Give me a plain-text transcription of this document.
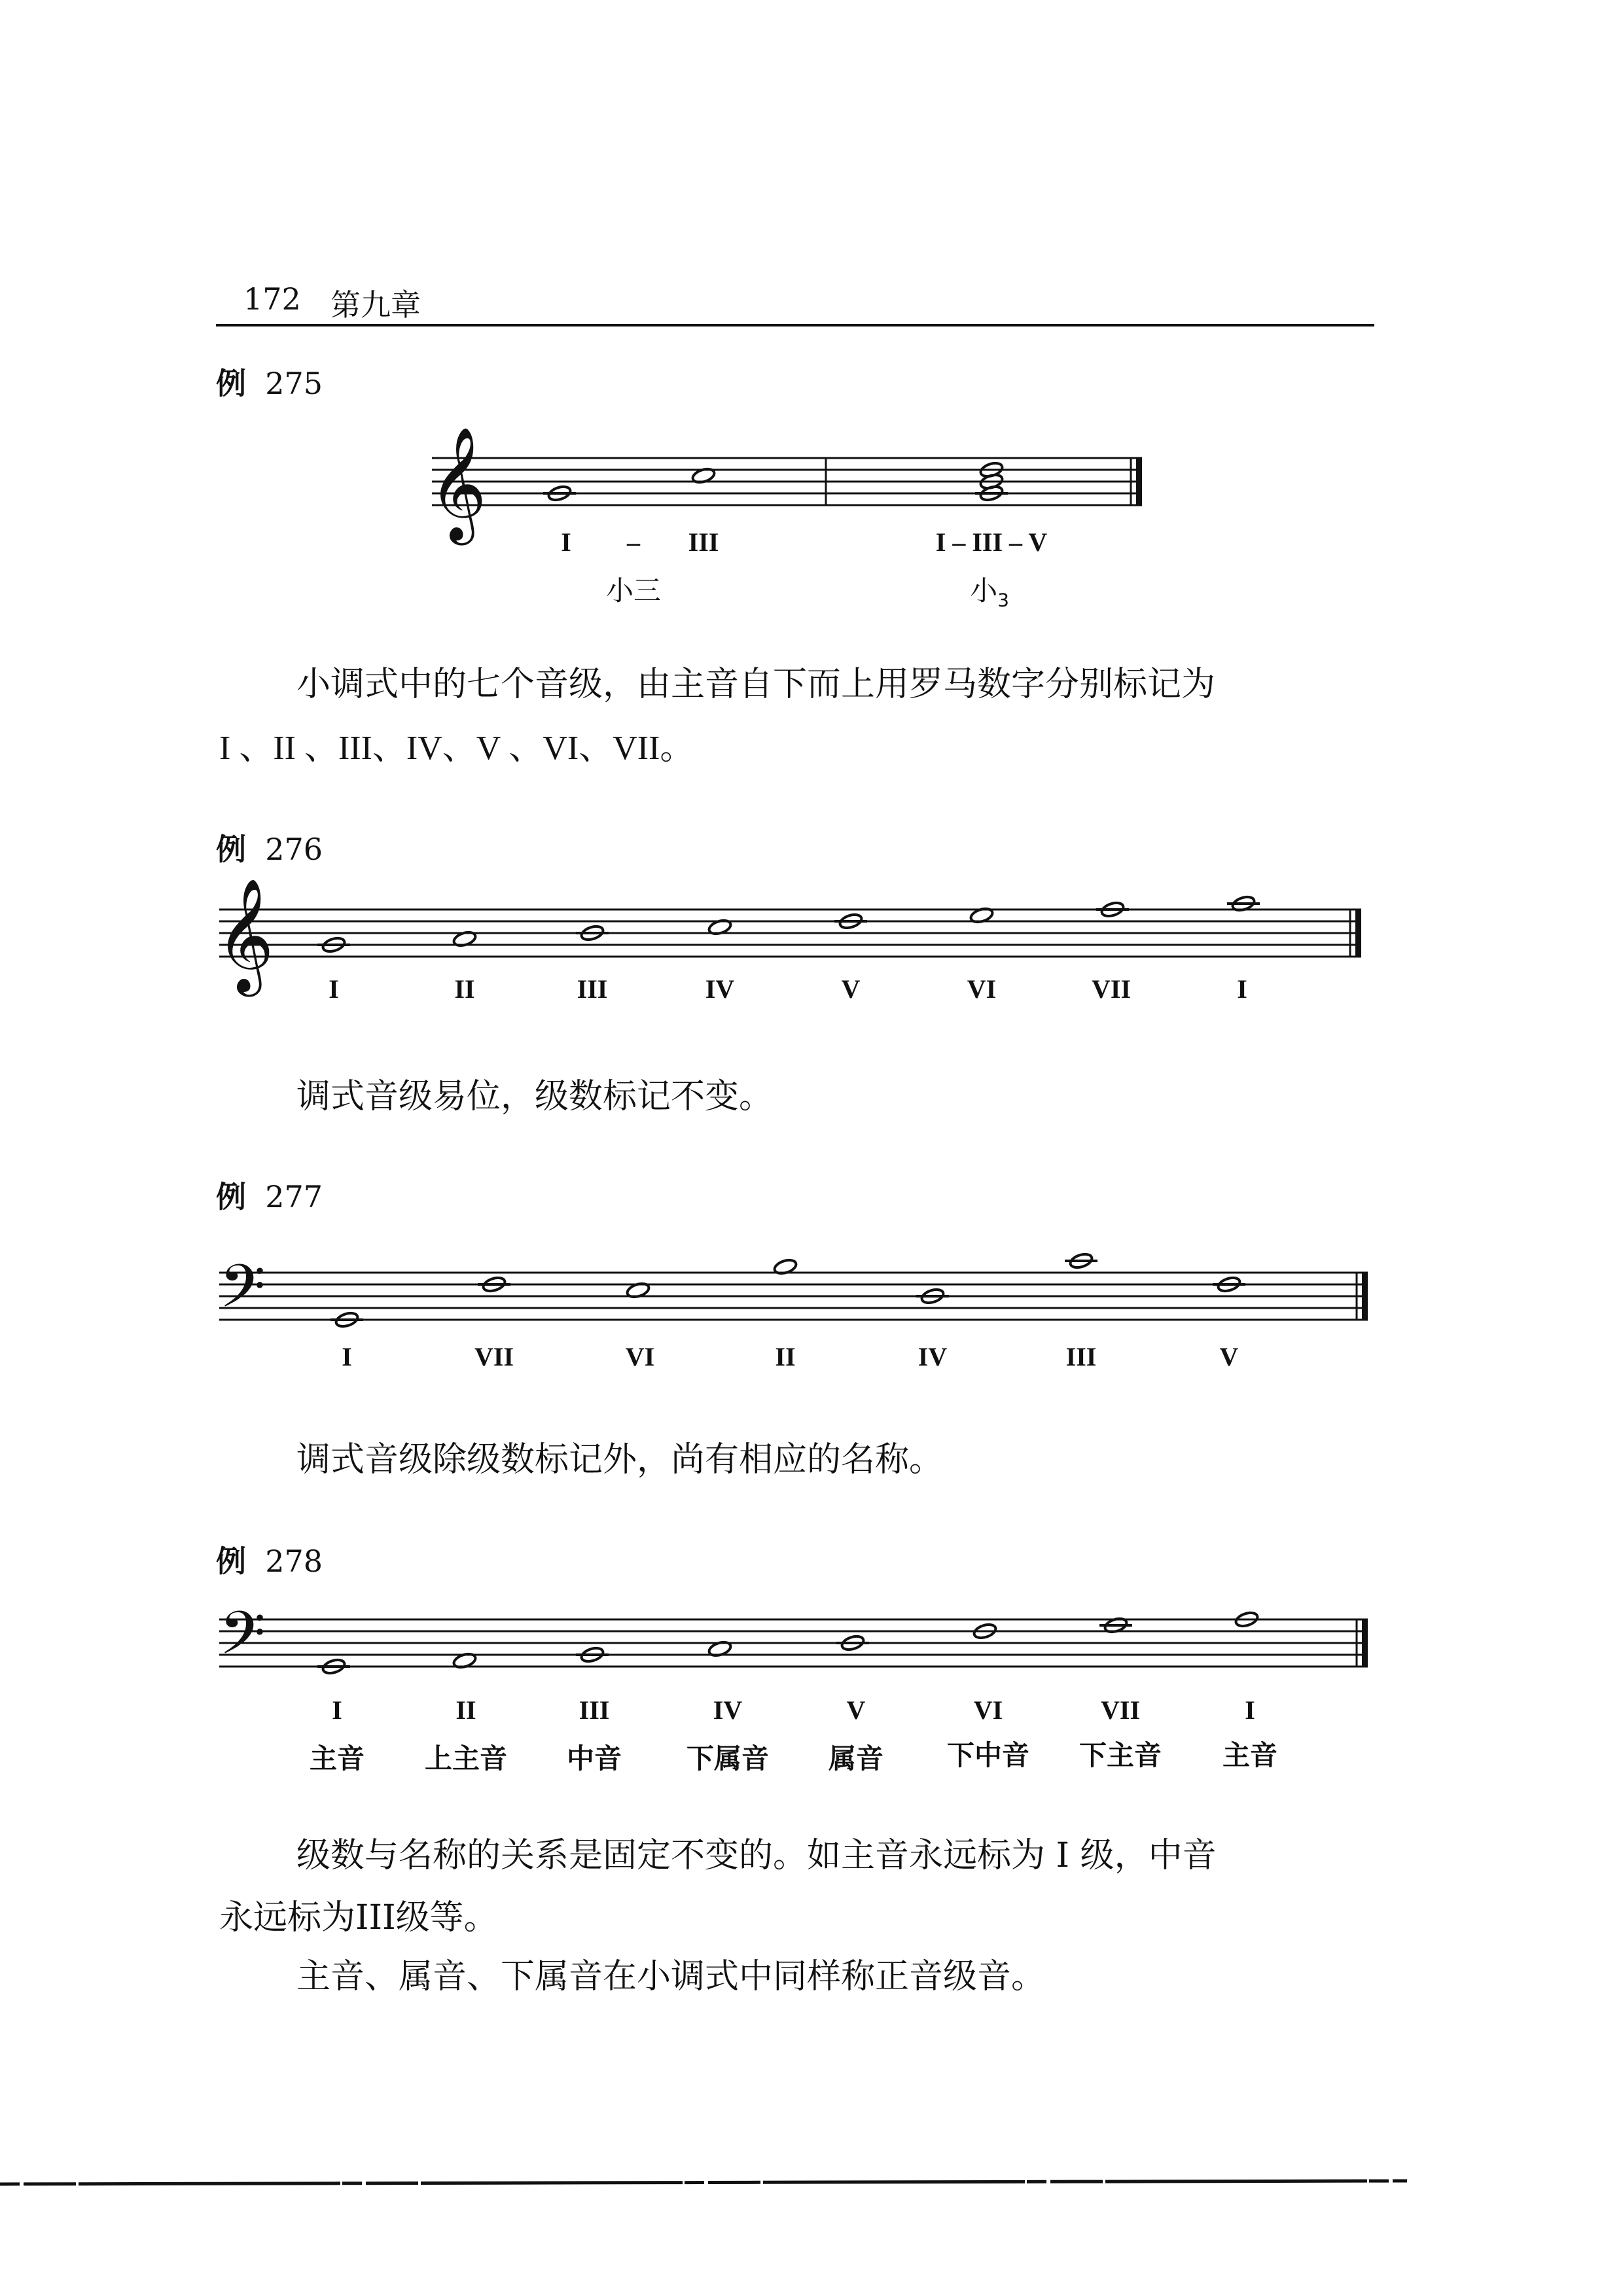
172 第九章
例 275
𝄞
I	–	III	I – III – V
小三	小$_3$
小调式中的七个音级，由主音自下而上用罗马数字分别标记为
I 、II 、III、IV、V 、VI、VII。
例 276
𝄞	I	II	III	IV	V	VI	VII	I
调式音级易位，级数标记不变。
例 277
𝄢
I	VII	VI	II	IV	III	V
调式音级除级数标记外，尚有相应的名称。
例 278
𝄢
I	II	III	IV	V	VI	VII	I
主音	上主音	中音	下属音	属音	下中音	下主音	主音
级数与名称的关系是固定不变的。如主音永远标为 I 级，中音
永远标为III级等。
主音、属音、下属音在小调式中同样称正音级音。
